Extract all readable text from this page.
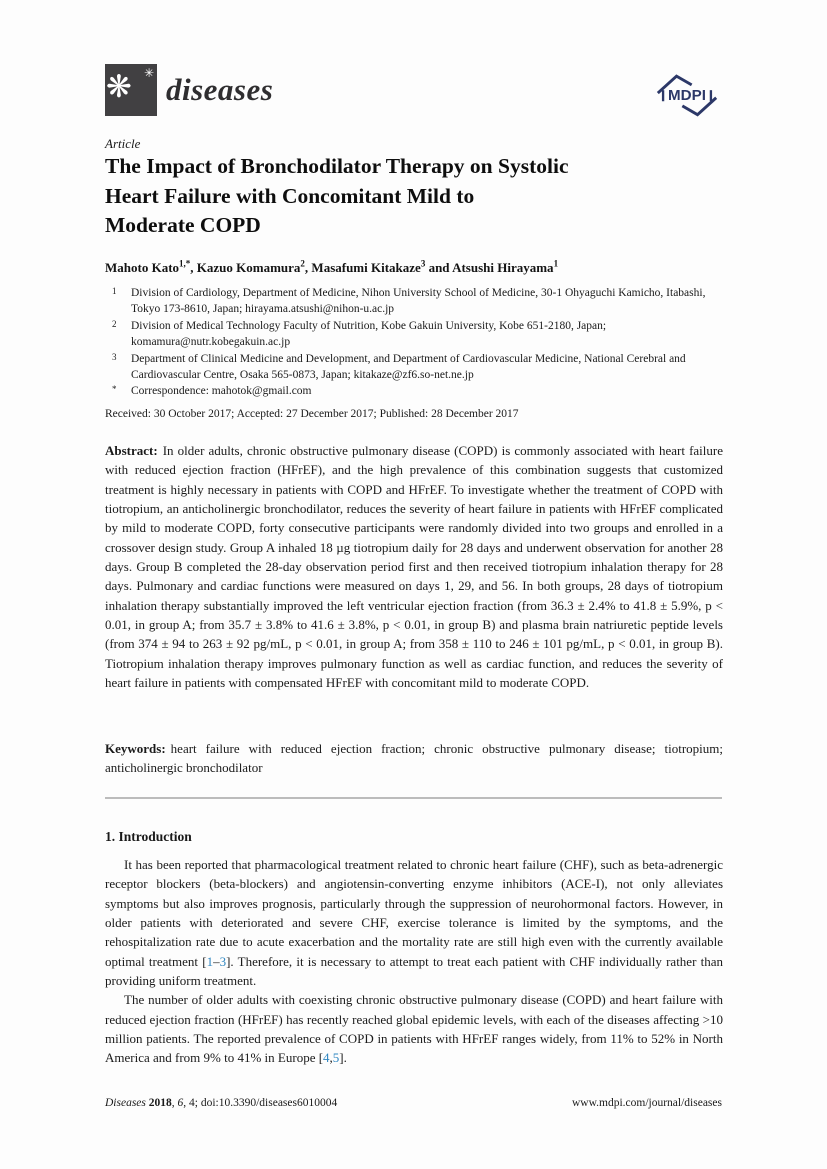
❋ ✳ diseases	MDPI
Article
The Impact of Bronchodilator Therapy on Systolic
Heart Failure with Concomitant Mild to
Moderate COPD
Mahoto Kato$^{1,*}$, Kazuo Komamura$^2$, Masafumi Kitakaze$^3$ and Atsushi Hirayama$^1$
1	Division of Cardiology, Department of Medicine, Nihon University School of Medicine, 30-1 Ohyaguchi Kamicho, Itabashi, Tokyo 173-8610, Japan; hirayama.atsushi@nihon-u.ac.jp
2	Division of Medical Technology Faculty of Nutrition, Kobe Gakuin University, Kobe 651-2180, Japan; komamura@nutr.kobegakuin.ac.jp
3	Department of Clinical Medicine and Development, and Department of Cardiovascular Medicine, National Cerebral and Cardiovascular Centre, Osaka 565-0873, Japan; kitakaze@zf6.so-net.ne.jp
*	Correspondence: mahotok@gmail.com
Received: 30 October 2017; Accepted: 27 December 2017; Published: 28 December 2017
Abstract: In older adults, chronic obstructive pulmonary disease (COPD) is commonly associated with heart failure with reduced ejection fraction (HFrEF), and the high prevalence of this combination suggests that customized treatment is highly necessary in patients with COPD and HFrEF. To investigate whether the treatment of COPD with tiotropium, an anticholinergic bronchodilator, reduces the severity of heart failure in patients with HFrEF complicated by mild to moderate COPD, forty consecutive participants were randomly divided into two groups and enrolled in a crossover design study. Group A inhaled 18 µg tiotropium daily for 28 days and underwent observation for another 28 days. Group B completed the 28-day observation period first and then received tiotropium inhalation therapy for 28 days. Pulmonary and cardiac functions were measured on days 1, 29, and 56. In both groups, 28 days of tiotropium inhalation therapy substantially improved the left ventricular ejection fraction (from 36.3 ± 2.4% to 41.8 ± 5.9%, p < 0.01, in group A; from 35.7 ± 3.8% to 41.6 ± 3.8%, p < 0.01, in group B) and plasma brain natriuretic peptide levels (from 374 ± 94 to 263 ± 92 pg/mL, p < 0.01, in group A; from 358 ± 110 to 246 ± 101 pg/mL, p < 0.01, in group B). Tiotropium inhalation therapy improves pulmonary function as well as cardiac function, and reduces the severity of heart failure in patients with compensated HFrEF with concomitant mild to moderate COPD.
Keywords: heart failure with reduced ejection fraction; chronic obstructive pulmonary disease; tiotropium; anticholinergic bronchodilator
1. Introduction

It has been reported that pharmacological treatment related to chronic heart failure (CHF), such as beta-adrenergic receptor blockers (beta-blockers) and angiotensin-converting enzyme inhibitors (ACE-I), not only alleviates symptoms but also improves prognosis, particularly through the suppression of neurohormonal factors. However, in older patients with deteriorated and severe CHF, exercise tolerance is limited by the symptoms, and the rehospitalization rate due to acute exacerbation and the mortality rate are still high even with the currently available optimal treatment [1–3]. Therefore, it is necessary to attempt to treat each patient with CHF individually rather than providing uniform treatment.

The number of older adults with coexisting chronic obstructive pulmonary disease (COPD) and heart failure with reduced ejection fraction (HFrEF) has recently reached global epidemic levels, with each of the diseases affecting >10 million patients. The reported prevalence of COPD in patients with HFrEF ranges widely, from 11% to 52% in North America and from 9% to 41% in Europe [4,5].

Diseases 2018, 6, 4; doi:10.3390/diseases6010004	www.mdpi.com/journal/diseases
